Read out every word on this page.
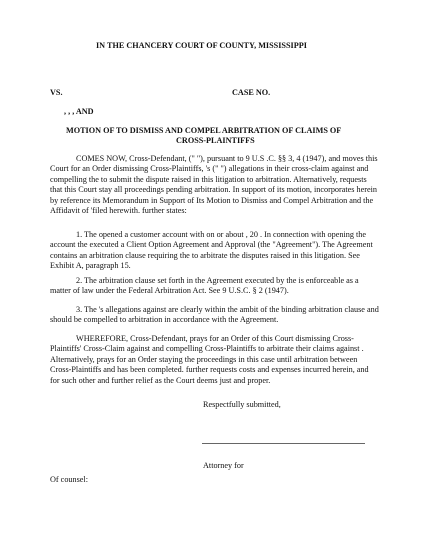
IN THE CHANCERY COURT OF COUNTY, MISSISSIPPI
VS.	CASE NO.
, , , AND
MOTION OF TO DISMISS AND COMPEL ARBITRATION OF CLAIMS OF
CROSS-PLAINTIFFS

COMES NOW, Cross-Defendant, (" "), pursuant to 9 U.S .C. §§ 3, 4 (1947), and moves this Court for an Order dismissing Cross-Plaintiffs, 's (" ") allegations in their cross-claim against and compelling the to submit the dispute raised in this litigation to arbitration. Alternatively, requests that this Court stay all proceedings pending arbitration. In support of its motion, incorporates herein by reference its Memorandum in Support of Its Motion to Dismiss and Compel Arbitration and the Affidavit of 'filed herewith. further states:

1. The opened a customer account with on or about , 20 . In connection with opening the account the executed a Client Option Agreement and Approval (the "Agreement"). The Agreement contains an arbitration clause requiring the to arbitrate the disputes raised in this litigation. See Exhibit A, paragraph 15.

2. The arbitration clause set forth in the Agreement executed by the is enforceable as a matter of law under the Federal Arbitration Act. See 9 U.S.C. § 2 (1947).

3. The 's allegations against are clearly within the ambit of the binding arbitration clause and should be compelled to arbitration in accordance with the Agreement.

WHEREFORE, Cross-Defendant, prays for an Order of this Court dismissing Cross-Plaintiffs' Cross-Claim against and compelling Cross-Plaintiffs to arbitrate their claims against . Alternatively, prays for an Order staying the proceedings in this case until arbitration between Cross-Plaintiffs and has been completed. further requests costs and expenses incurred herein, and for such other and further relief as the Court deems just and proper.

Respectfully submitted,
Attorney for
Of counsel:
